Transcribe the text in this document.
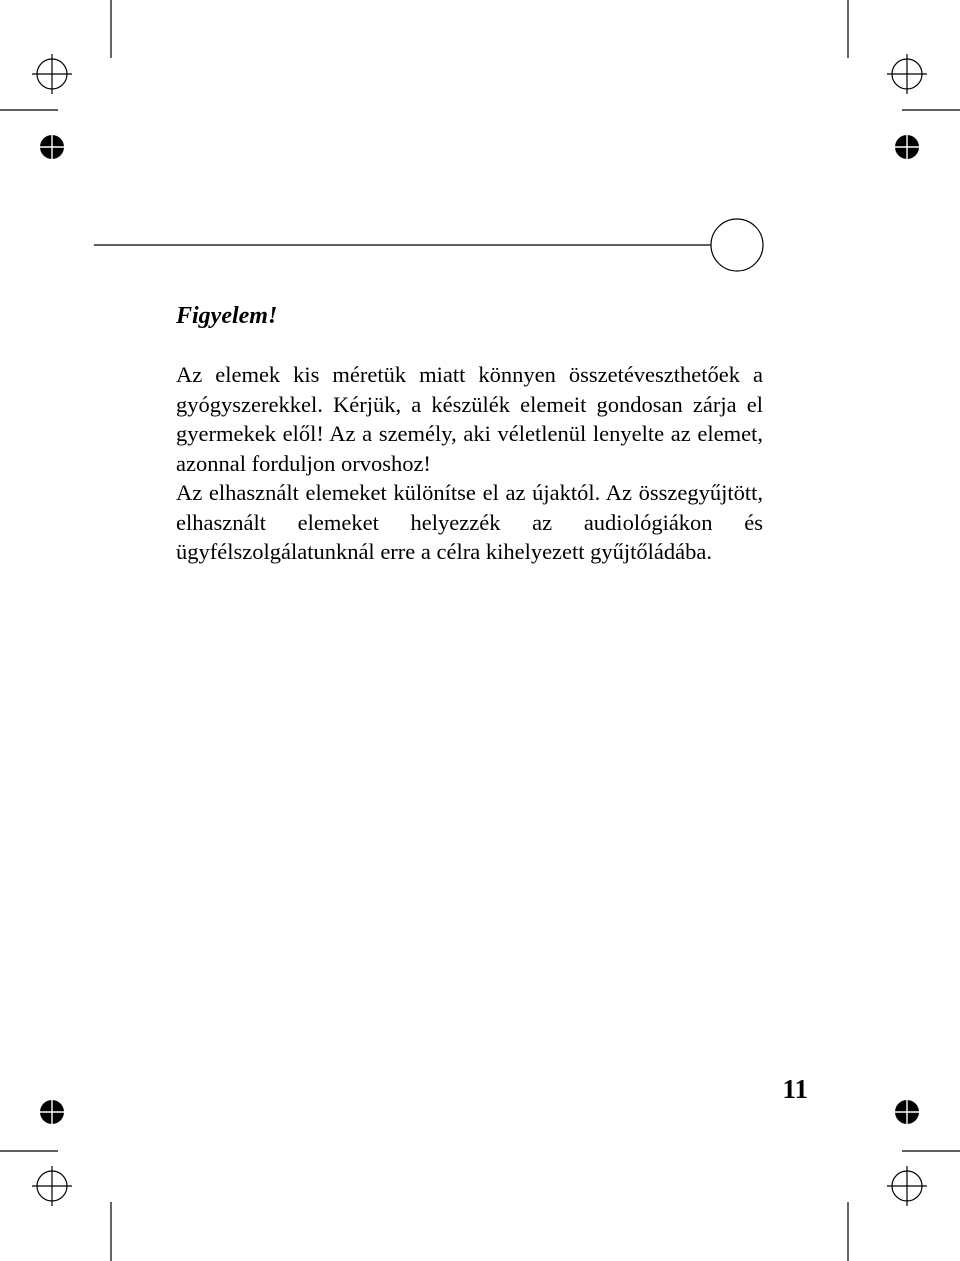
Figyelem!

Az elemek kis méretük miatt könnyen összetéveszthetőek a gyógyszerekkel. Kérjük, a készülék elemeit gondosan zárja el gyermekek elől! Az a személy, aki véletlenül lenyelte az elemet, azonnal forduljon orvoshoz!

Az elhasznált elemeket különítse el az újaktól. Az összegyűjtött, elhasznált elemeket helyezzék az audiológiákon és ügyfélszolgálatunknál erre a célra kihelyezett gyűjtőládába.

11
